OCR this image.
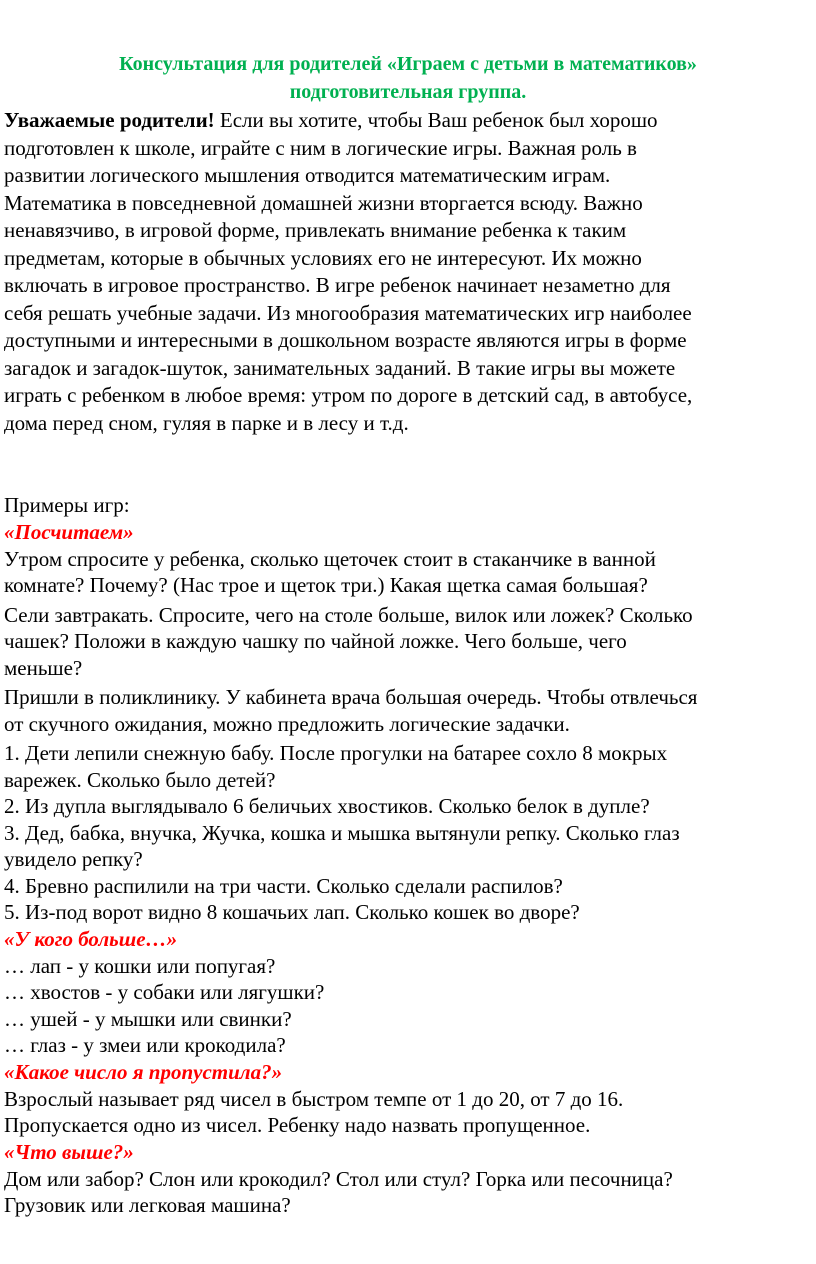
Консультация для родителей «Играем с детьми в математиков»
подготовительная группа.
Уважаемые родители! Если вы хотите, чтобы Ваш ребенок был хорошо
подготовлен к школе, играйте с ним в логические игры. Важная роль в
развитии логического мышления отводится математическим играм.
Математика в повседневной домашней жизни вторгается всюду. Важно
ненавязчиво, в игровой форме, привлекать внимание ребенка к таким
предметам, которые в обычных условиях его не интересуют. Их можно
включать в игровое пространство. В игре ребенок начинает незаметно для
себя решать учебные задачи. Из многообразия математических игр наиболее
доступными и интересными в дошкольном возрасте являются игры в форме
загадок и загадок-шуток, занимательных заданий. В такие игры вы можете
играть с ребенком в любое время: утром по дороге в детский сад, в автобусе,
дома перед сном, гуляя в парке и в лесу и т.д.
Примеры игр:
«Посчитаем»
Утром спросите у ребенка, сколько щеточек стоит в стаканчике в ванной
комнате? Почему? (Нас трое и щеток три.) Какая щетка самая большая?
Сели завтракать. Спросите, чего на столе больше, вилок или ложек? Сколько
чашек? Положи в каждую чашку по чайной ложке. Чего больше, чего
меньше?
Пришли в поликлинику. У кабинета врача большая очередь. Чтобы отвлечься
от скучного ожидания, можно предложить логические задачки.
1. Дети лепили снежную бабу. После прогулки на батарее сохло 8 мокрых
варежек. Сколько было детей?
2. Из дупла выглядывало 6 беличьих хвостиков. Сколько белок в дупле?
3. Дед, бабка, внучка, Жучка, кошка и мышка вытянули репку. Сколько глаз
увидело репку?
4. Бревно распилили на три части. Сколько сделали распилов?
5. Из-под ворот видно 8 кошачьих лап. Сколько кошек во дворе?
«У кого больше…»
… лап - у кошки или попугая?
… хвостов - у собаки или лягушки?
… ушей - у мышки или свинки?
… глаз - у змеи или крокодила?
«Какое число я пропустила?»
Взрослый называет ряд чисел в быстром темпе от 1 до 20, от 7 до 16.
Пропускается одно из чисел. Ребенку надо назвать пропущенное.
«Что выше?»
Дом или забор? Слон или крокодил? Стол или стул? Горка или песочница?
Грузовик или легковая машина?
